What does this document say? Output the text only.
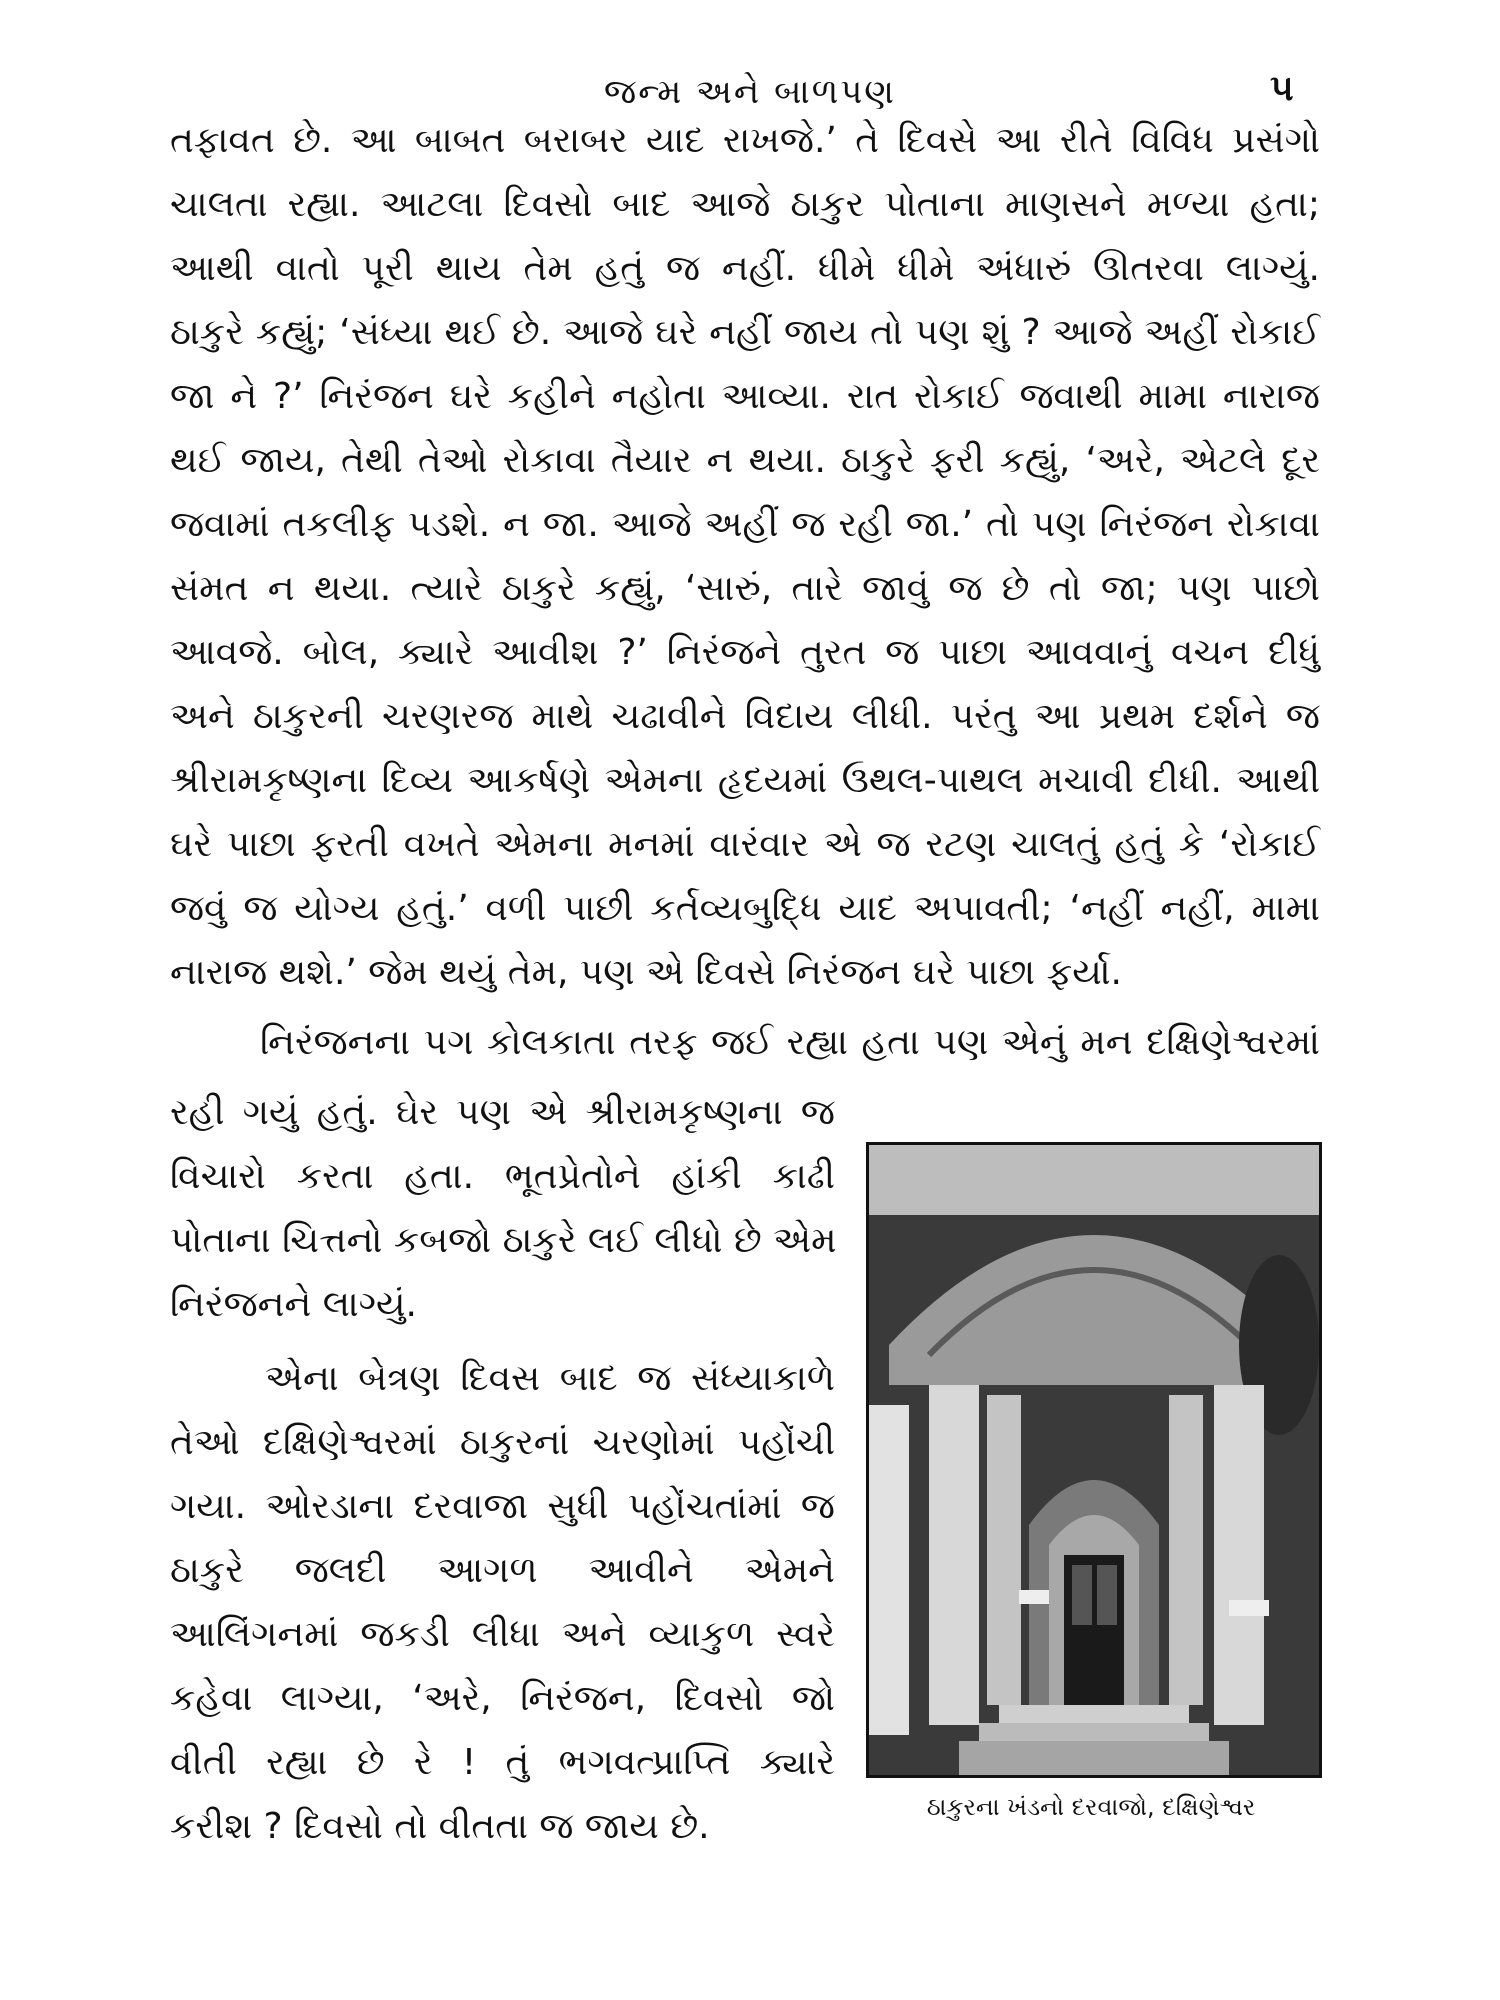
જન્મ અને બાળપણ	૫
તફાવત છે. આ બાબત બરાબર યાદ રાખજે.’ તે દિવસે આ રીતે વિવિધ પ્રસંગો
ચાલતા રહ્યા. આટલા દિવસો બાદ આજે ઠાકુર પોતાના માણસને મળ્યા હતા;
આથી વાતો પૂરી થાય તેમ હતું જ નહીં. ધીમે ધીમે અંધારું ઊતરવા લાગ્યું.
ઠાકુરે કહ્યું; ‘સંધ્યા થઈ છે. આજે ઘરે નહીં જાય તો પણ શું ? આજે અહીં રોકાઈ
જા ને ?’ નિરંજન ઘરે કહીને નહોતા આવ્યા. રાત રોકાઈ જવાથી મામા નારાજ
થઈ જાય, તેથી તેઓ રોકાવા તૈયાર ન થયા. ઠાકુરે ફરી કહ્યું, ‘અરે, એટલે દૂર
જવામાં તકલીફ પડશે. ન જા. આજે અહીં જ રહી જા.’ તો પણ નિરંજન રોકાવા
સંમત ન થયા. ત્યારે ઠાકુરે કહ્યું, ‘સારું, તારે જાવું જ છે તો જા; પણ પાછો
આવજે. બોલ, ક્યારે આવીશ ?’ નિરંજને તુરત જ પાછા આવવાનું વચન દીધું
અને ઠાકુરની ચરણરજ માથે ચઢાવીને વિદાય લીધી. પરંતુ આ પ્રથમ દર્શને જ
શ્રીરામકૃષ્ણના દિવ્ય આકર્ષણે એમના હૃદયમાં ઉથલ-પાથલ મચાવી દીધી. આથી
ઘરે પાછા ફરતી વખતે એમના મનમાં વારંવાર એ જ રટણ ચાલતું હતું કે ‘રોકાઈ
જવું જ યોગ્ય હતું.’ વળી પાછી કર્તવ્યબુદ્ધિ યાદ અપાવતી; ‘નહીં નહીં, મામા
નારાજ થશે.’ જેમ થયું તેમ, પણ એ દિવસે નિરંજન ઘરે પાછા ફર્યા.
નિરંજનના પગ કોલકાતા તરફ જઈ રહ્યા હતા પણ એનું મન દક્ષિણેશ્વરમાં
રહી ગયું હતું. ઘેર પણ એ શ્રીરામકૃષ્ણના જ
વિચારો કરતા હતા. ભૂતપ્રેતોને હાંકી કાઢી
પોતાના ચિત્તનો કબજો ઠાકુરે લઈ લીધો છે એમ
નિરંજનને લાગ્યું.
એના બેત્રણ દિવસ બાદ જ સંધ્યાકાળે
તેઓ દક્ષિણેશ્વરમાં ઠાકુરનાં ચરણોમાં પહોંચી
ગયા. ઓરડાના દરવાજા સુધી પહોંચતાંમાં જ
ઠાકુરે જલદી આગળ આવીને એમને
આલિંગનમાં જકડી લીધા અને વ્યાકુળ સ્વરે
કહેવા લાગ્યા, ‘અરે, નિરંજન, દિવસો જો
વીતી રહ્યા છે રે ! તું ભગવત્પ્રાપ્તિ ક્યારે
કરીશ ? દિવસો તો વીતતા જ જાય છે.	ઠાકુરના ખંડનો દરવાજો, દક્ષિણેશ્વર
